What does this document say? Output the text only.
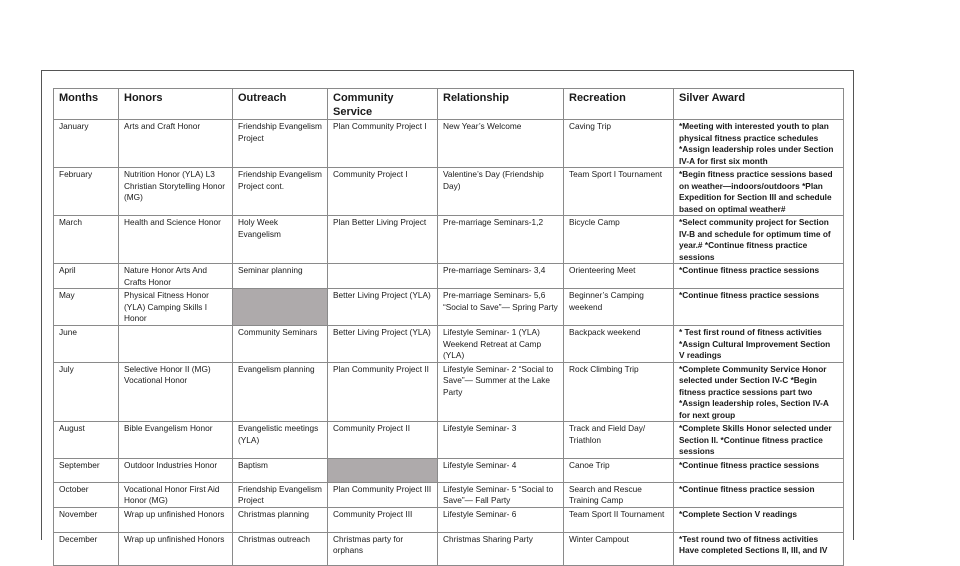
Months	Honors	Outreach	Community Service	Relationship	Recreation	Silver Award
January	Arts and Craft Honor	Friendship Evangelism Project	Plan Community Project I	New Year’s Welcome	Caving Trip	*Meeting with interested youth to plan physical fitness practice schedules *Assign leadership roles under Section IV-A for first six month
February	Nutrition Honor (YLA) L3 Christian Storytelling Honor (MG)	Friendship Evangelism Project cont.	Community Project I	Valentine’s Day (Friendship Day)	Team Sport I Tournament	*Begin fitness practice sessions based on weather—indoors/outdoors *Plan Expedition for Section III and schedule based on optimal weather#
March	Health and Science Honor	Holy Week Evangelism	Plan Better Living Project	Pre-marriage Seminars-1,2	Bicycle Camp	*Select community project for Section IV-B and schedule for optimum time of year.# *Continue fitness practice sessions
April	Nature Honor Arts And Crafts Honor	Seminar planning		Pre-marriage Seminars- 3,4	Orienteering Meet	*Continue fitness practice sessions
May	Physical Fitness Honor (YLA) Camping Skills I Honor		Better Living Project (YLA)	Pre-marriage Seminars- 5,6 “Social to Save”— Spring Party	Beginner’s Camping weekend	*Continue fitness practice sessions
June		Community Seminars	Better Living Project (YLA)	Lifestyle Seminar- 1 (YLA) Weekend Retreat at Camp (YLA)	Backpack weekend	* Test first round of fitness activities *Assign Cultural Improvement Section V readings
July	Selective Honor II (MG) Vocational Honor	Evangelism planning	Plan Community Project II	Lifestyle Seminar- 2 “Social to Save”— Summer at the Lake Party	Rock Climbing Trip	*Complete Community Service Honor selected under Section IV-C *Begin fitness practice sessions part two *Assign leadership roles, Section IV-A for next group
August	Bible Evangelism Honor	Evangelistic meetings (YLA)	Community Project II	Lifestyle Seminar- 3	Track and Field Day/ Triathlon	*Complete Skills Honor selected under Section II. *Continue fitness practice sessions
September	Outdoor Industries Honor	Baptism		Lifestyle Seminar- 4	Canoe Trip	*Continue fitness practice sessions
October	Vocational Honor First Aid Honor (MG)	Friendship Evangelism Project	Plan Community Project III	Lifestyle Seminar- 5 “Social to Save”— Fall Party	Search and Rescue Training Camp	*Continue fitness practice session
November	Wrap up unfinished Honors	Christmas planning	Community Project III	Lifestyle Seminar- 6	Team Sport II Tournament	*Complete Section V readings
December	Wrap up unfinished Honors	Christmas outreach	Christmas party for orphans	Christmas Sharing Party	Winter Campout	*Test round two of fitness activities Have completed Sections II, III, and IV
